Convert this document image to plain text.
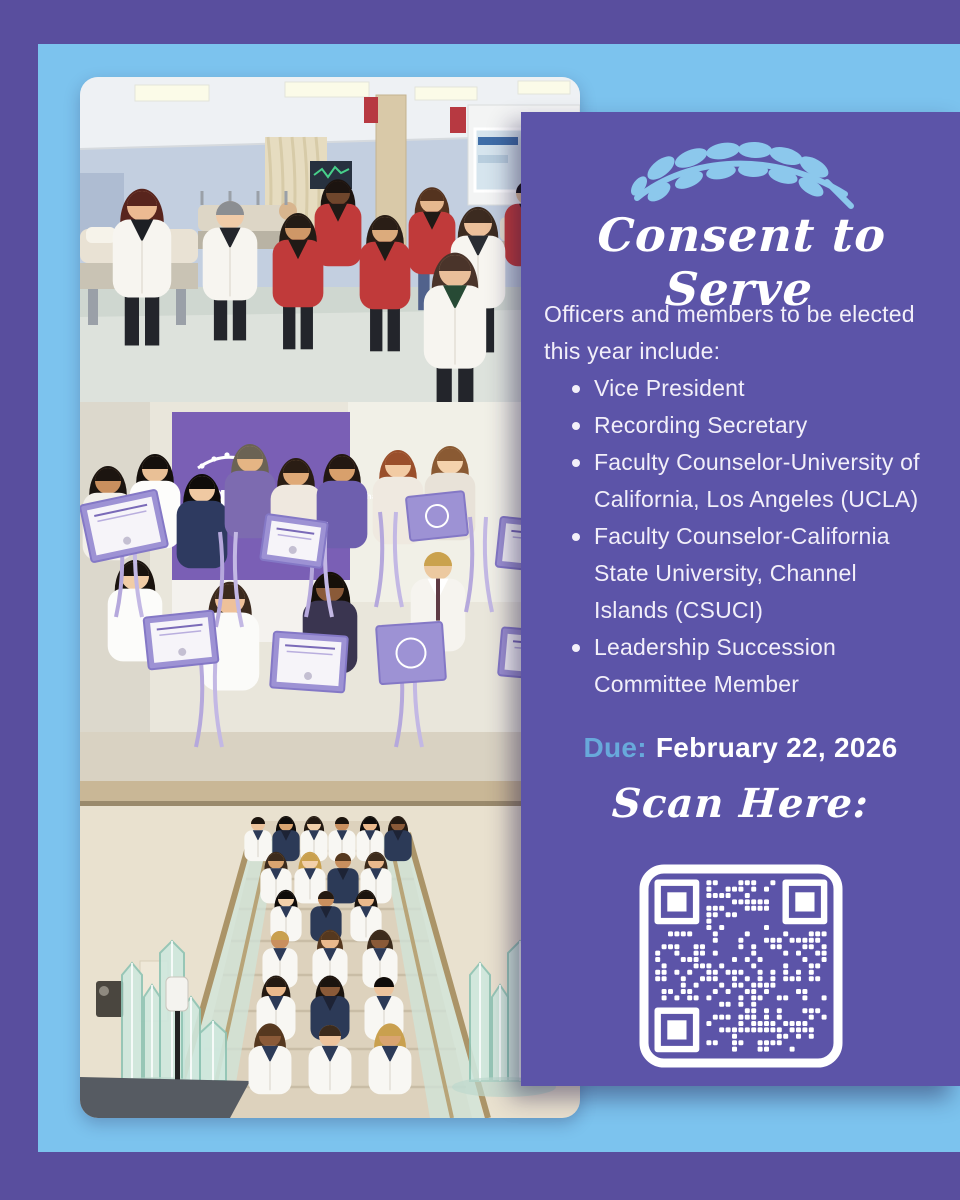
Consent to Serve
Officers and members to be elected
this year include:
Vice President
Recording Secretary
Faculty Counselor-University of
California, Los Angeles (UCLA)
Faculty Counselor-California
State University, Channel
Islands (CSUCI)
Leadership Succession
Committee Member
Due: February 22, 2026
Scan Here:
